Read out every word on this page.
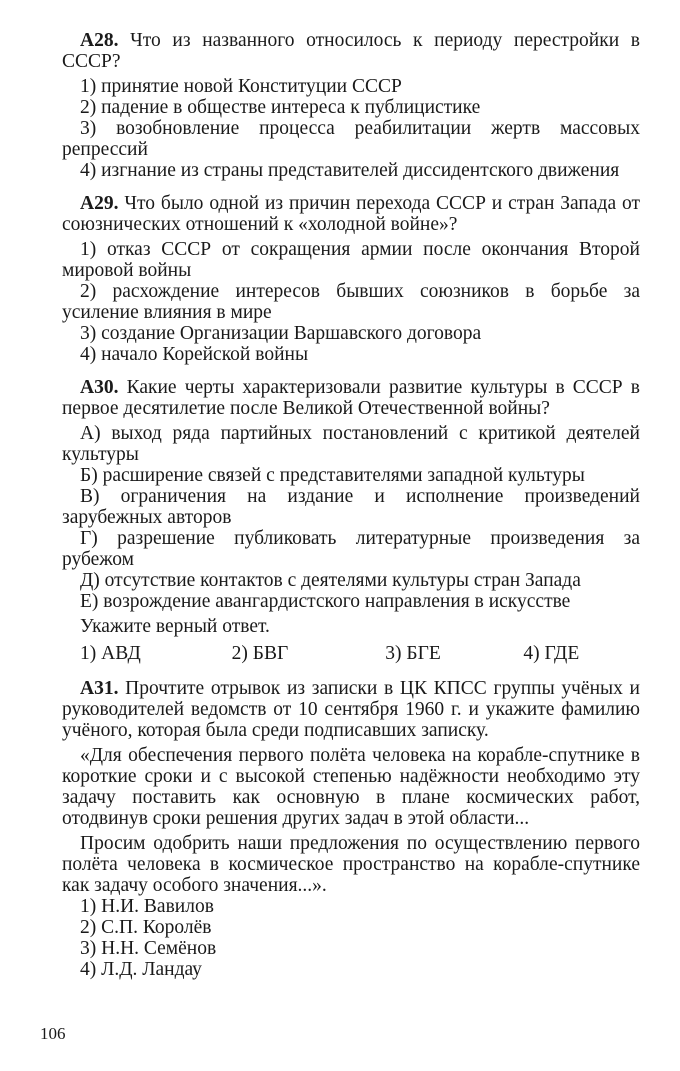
А28. Что из названного относилось к периоду перестройки в СССР?

1) принятие новой Конституции СССР

2) падение в обществе интереса к публицистике

3) возобновление процесса реабилитации жертв массовых репрессий

4) изгнание из страны представителей диссидентского движения

А29. Что было одной из причин перехода СССР и стран Запада от союзнических отношений к «холодной войне»?

1) отказ СССР от сокращения армии после окончания Второй мировой войны

2) расхождение интересов бывших союзников в борьбе за усиление влияния в мире

3) создание Организации Варшавского договора

4) начало Корейской войны

А30. Какие черты характеризовали развитие культуры в СССР в первое десятилетие после Великой Отечественной войны?

А) выход ряда партийных постановлений с критикой деятелей культуры

Б) расширение связей с представителями западной культуры

В) ограничения на издание и исполнение произведений зарубежных авторов

Г) разрешение публиковать литературные произведения за рубежом

Д) отсутствие контактов с деятелями культуры стран Запада

Е) возрождение авангардистского направления в искусстве

Укажите верный ответ.

1) АВД	2) БВГ	3) БГЕ	4) ГДЕ

А31. Прочтите отрывок из записки в ЦК КПСС группы учёных и руководителей ведомств от 10 сентября 1960 г. и укажите фамилию учёного, которая была среди подписавших записку.

«Для обеспечения первого полёта человека на корабле-спутнике в короткие сроки и с высокой степенью надёжности необходимо эту задачу поставить как основную в плане космических работ, отодвинув сроки решения других задач в этой области...

Просим одобрить наши предложения по осуществлению первого полёта человека в космическое пространство на корабле-спутнике как задачу особого значения...».

1) Н.И. Вавилов

2) С.П. Королёв

3) Н.Н. Семёнов

4) Л.Д. Ландау

106
